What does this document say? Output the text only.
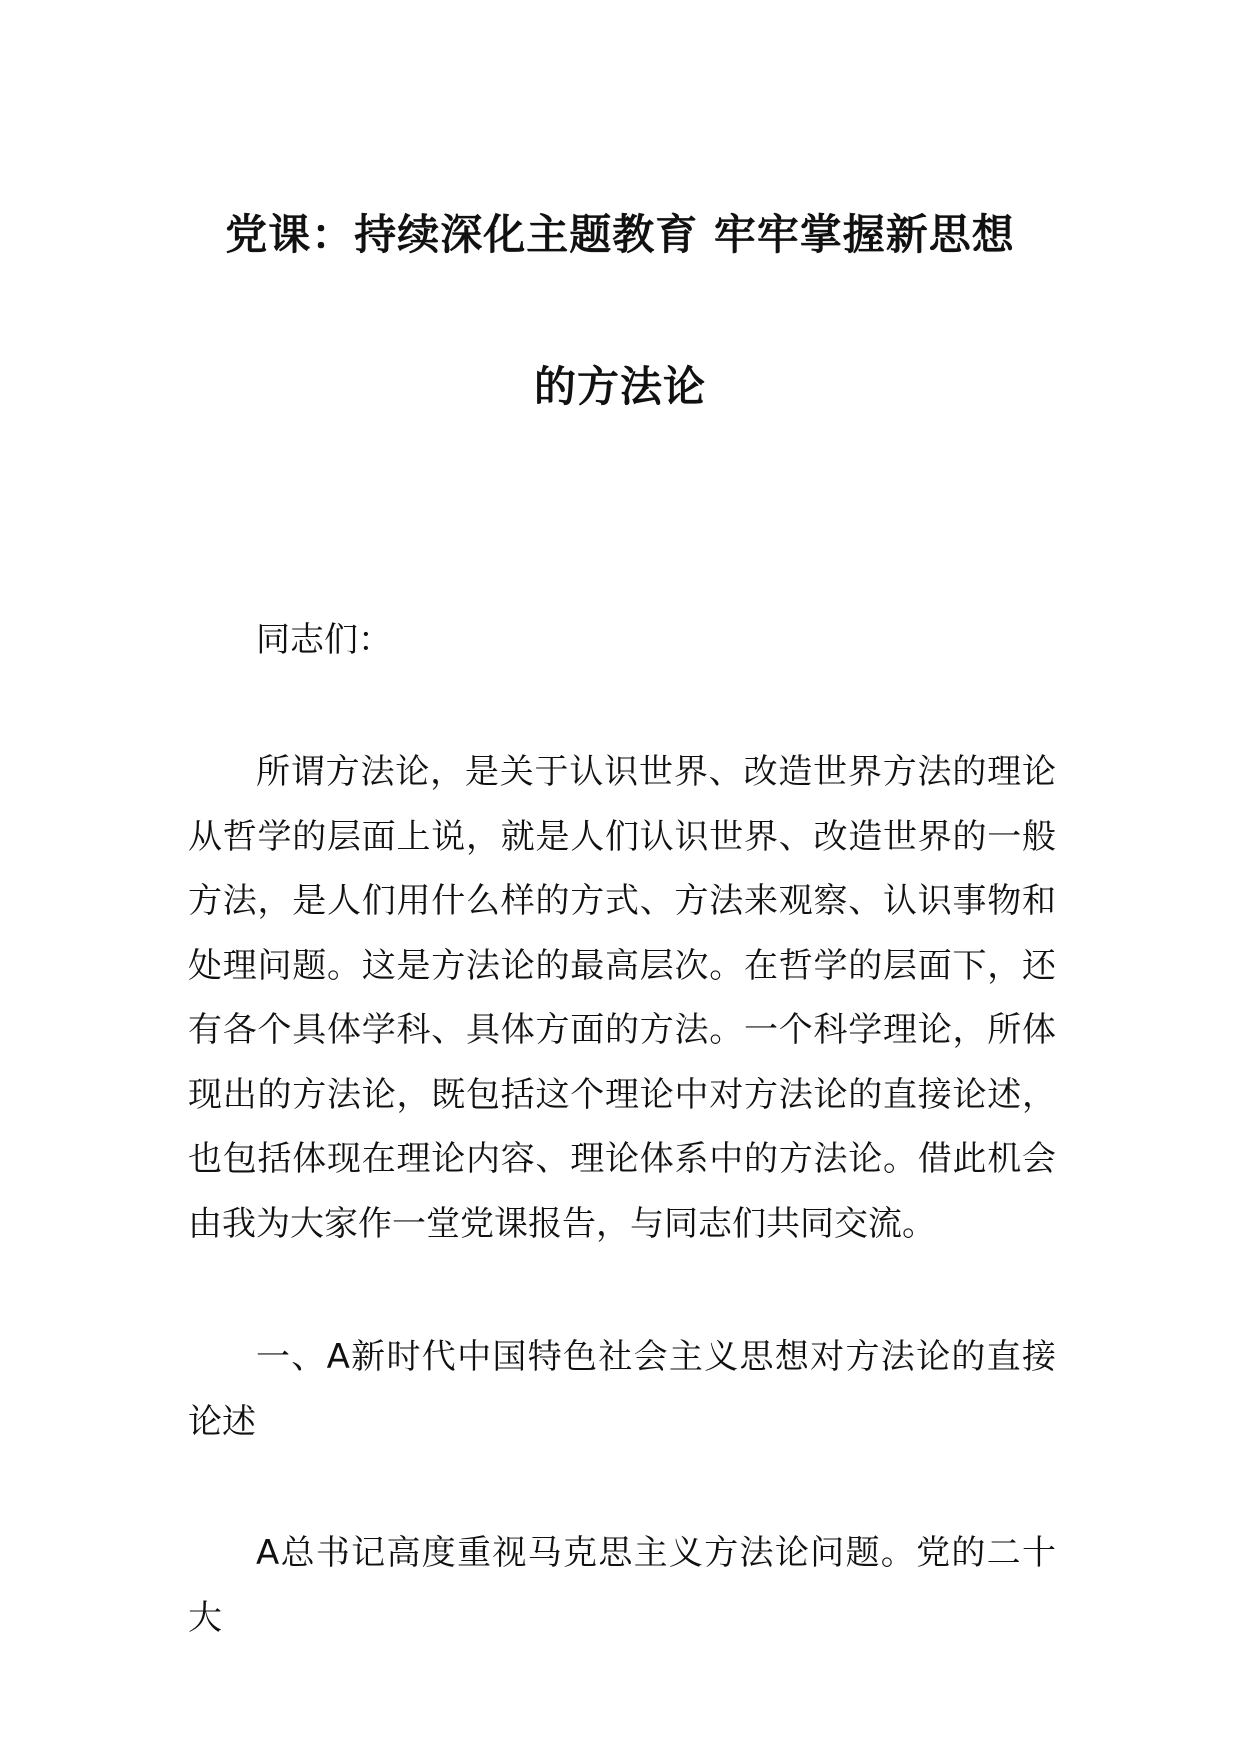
党课：持续深化主题教育 牢牢掌握新思想
的方法论

同志们：

所谓方法论，是关于认识世界、改造世界方法的理论从哲学的层面上说，就是人们认识世界、改造世界的一般方法，是人们用什么样的方式、方法来观察、认识事物和处理问题。这是方法论的最高层次。在哲学的层面下，还有各个具体学科、具体方面的方法。一个科学理论，所体现出的方法论，既包括这个理论中对方法论的直接论述，也包括体现在理论内容、理论体系中的方法论。借此机会由我为大家作一堂党课报告，与同志们共同交流。

一、A新时代中国特色社会主义思想对方法论的直接论述

A总书记高度重视马克思主义方法论问题。党的二十大
